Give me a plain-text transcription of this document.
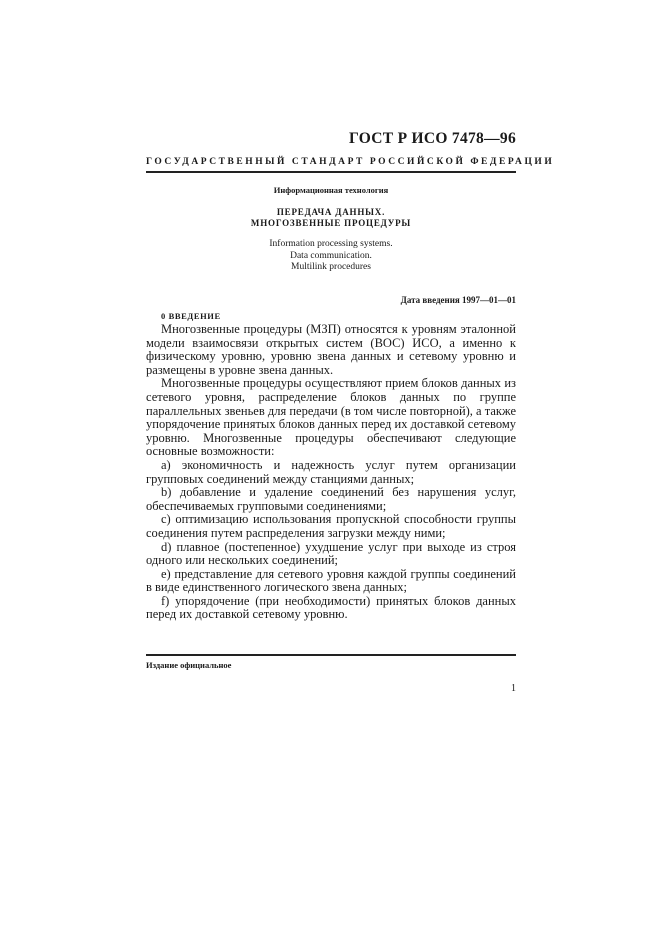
ГОСТ Р ИСО 7478—96
ГОСУДАРСТВЕННЫЙ СТАНДАРТ РОССИЙСКОЙ ФЕДЕРАЦИИ
Информационная технология
ПЕРЕДАЧА ДАННЫХ.
МНОГОЗВЕННЫЕ ПРОЦЕДУРЫ
Information processing systems.
Data communication.
Multilink procedures
Дата введения 1997—01—01
0 ВВЕДЕНИЕ

Многозвенные процедуры (МЗП) относятся к уровням эталонной модели взаимосвязи открытых систем (ВОС) ИСО, а именно к физическому уровню, уровню звена данных и сетевому уровню и размещены в уровне звена данных.

Многозвенные процедуры осуществляют прием блоков данных из сетевого уровня, распределение блоков данных по группе параллельных звеньев для передачи (в том числе повторной), а также упорядочение принятых блоков данных перед их доставкой сетевому уровню. Многозвенные процедуры обеспечивают следующие основные возможности:

а) экономичность и надежность услуг путем организации групповых соединений между станциями данных;

b) добавление и удаление соединений без нарушения услуг, обеспечиваемых групповыми соединениями;

с) оптимизацию использования пропускной способности группы соединения путем распределения загрузки между ними;

d) плавное (постепенное) ухудшение услуг при выходе из строя одного или нескольких соединений;

е) представление для сетевого уровня каждой группы соединений в виде единственного логического звена данных;

f) упорядочение (при необходимости) принятых блоков данных перед их доставкой сетевому уровню.

Издание официальное
1
